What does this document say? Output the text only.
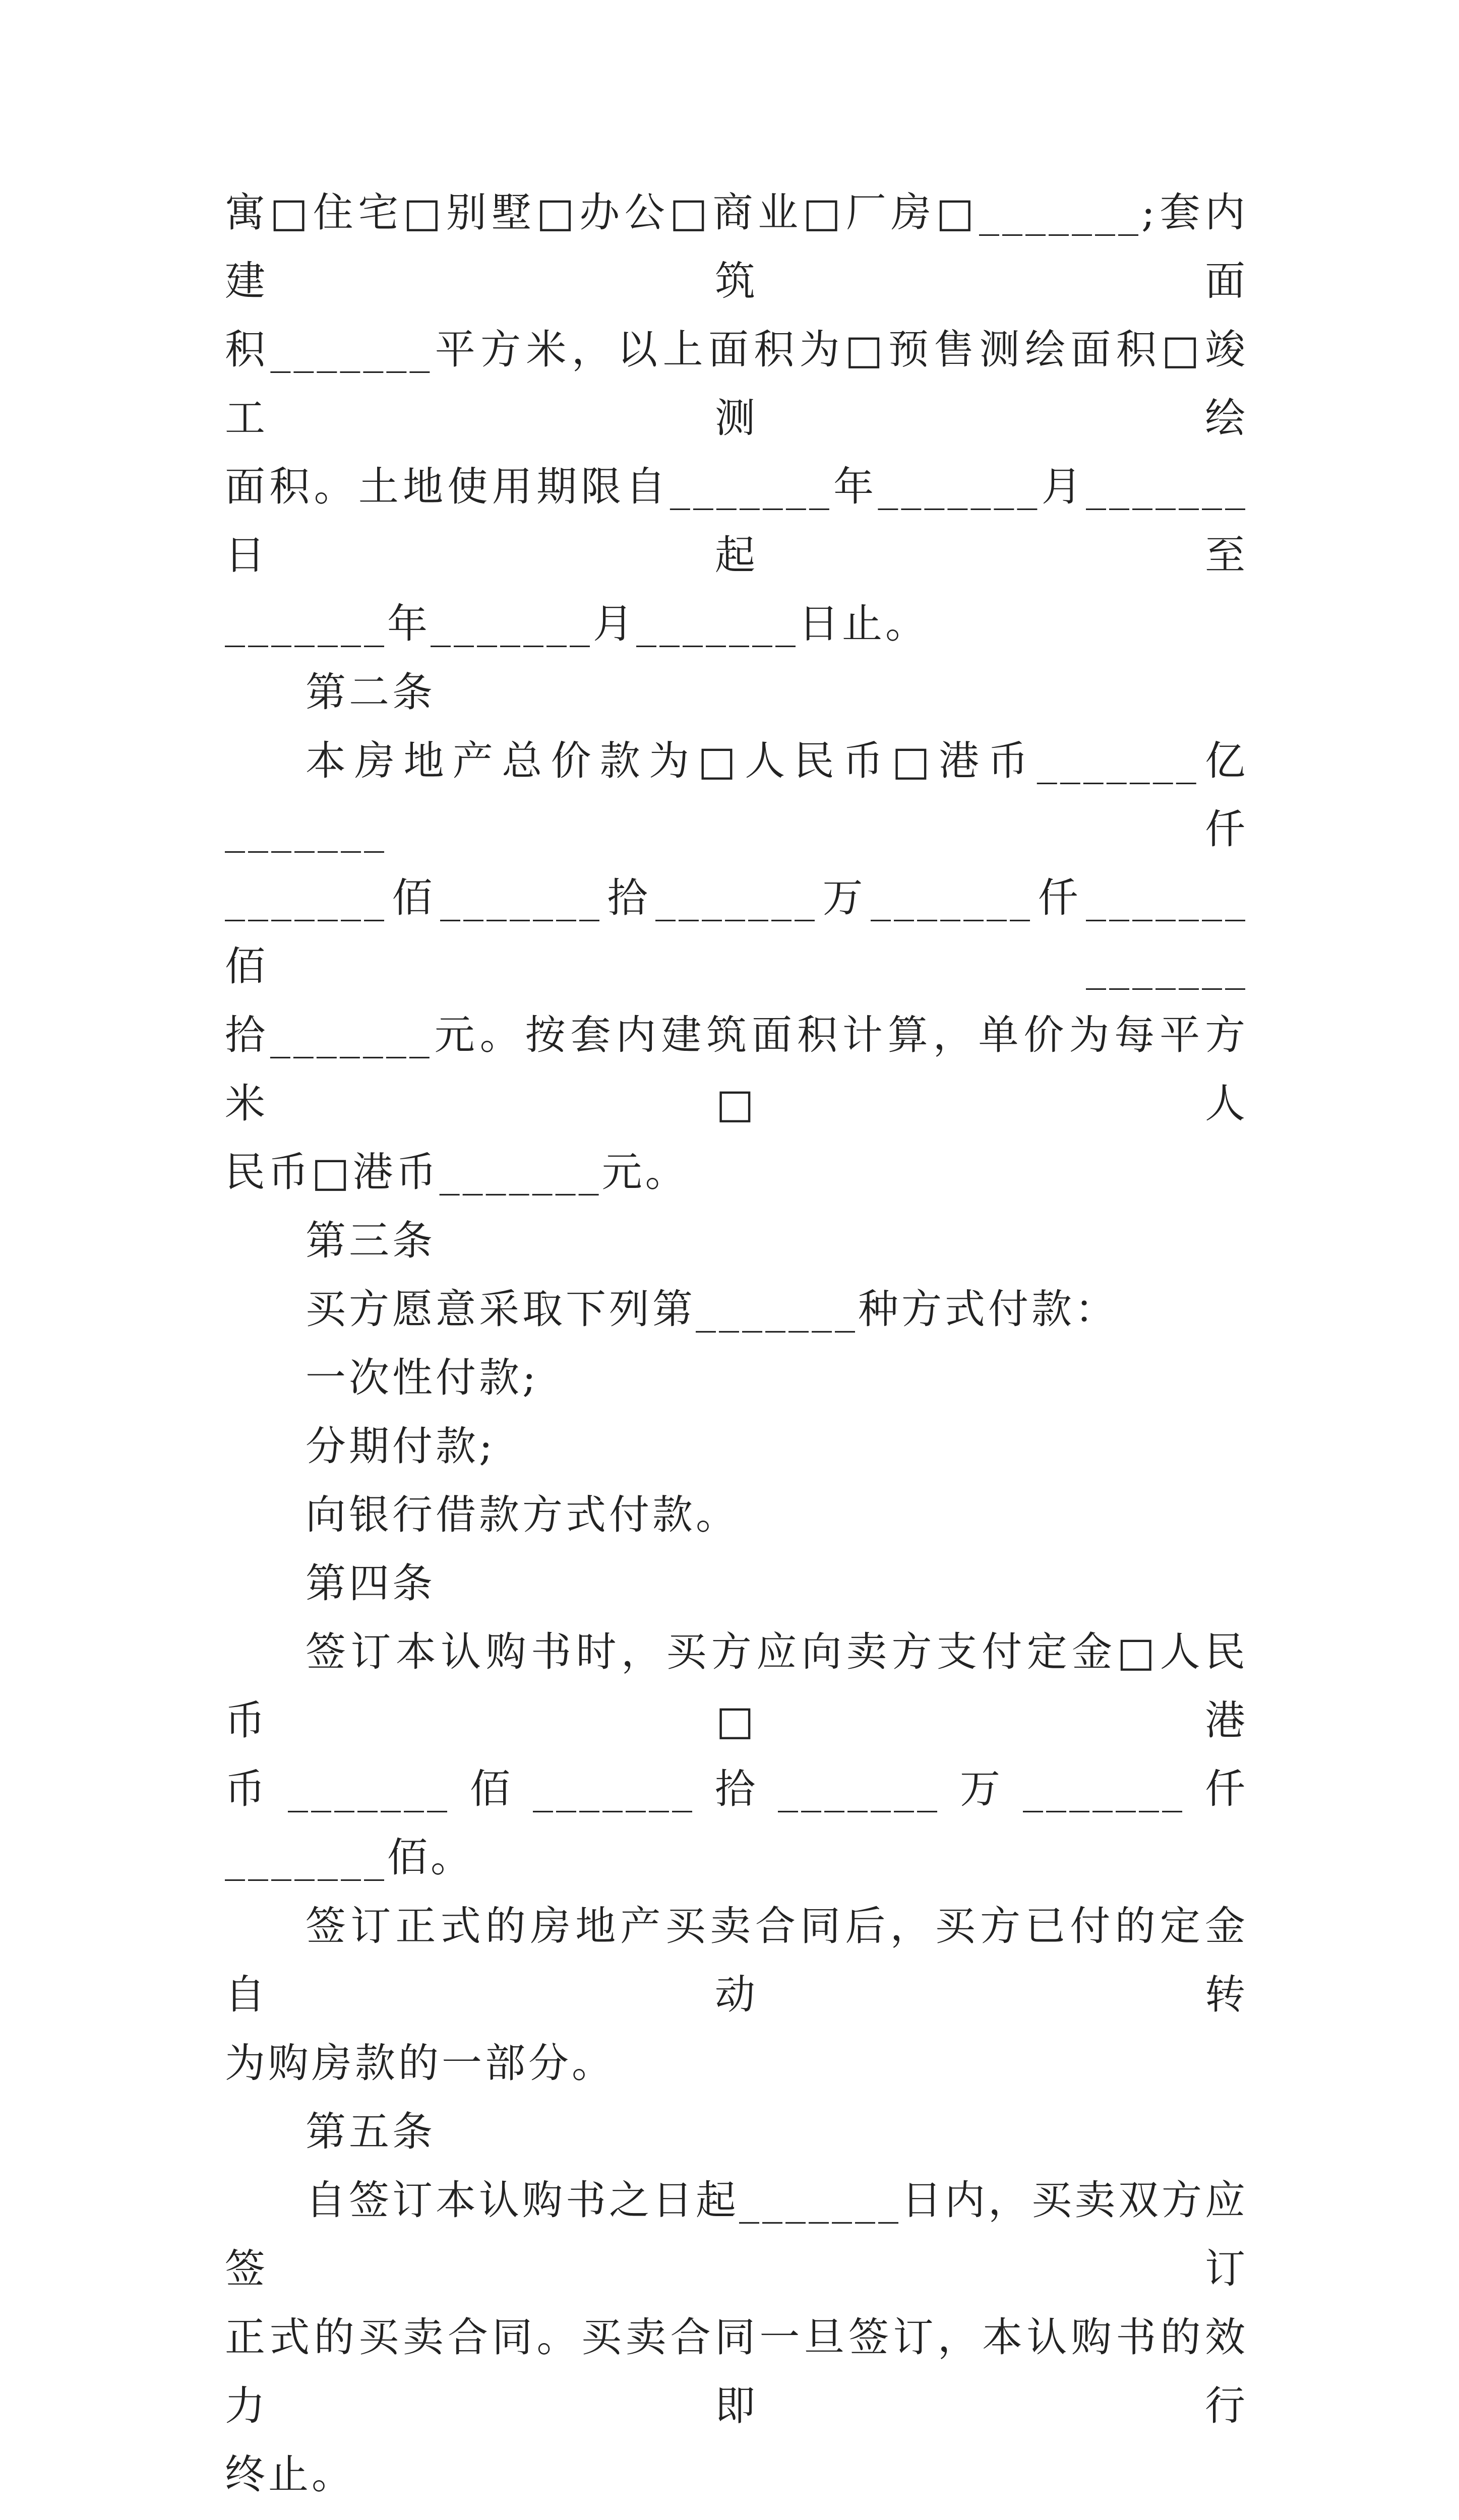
寓□住宅□别墅□办公□商业□厂房□_______;套内建筑面

积_______平方米，以上面积为□预售测绘面积□竣工测绘

面积。土地使用期限自_______年_______月_______日起至

_______年_______月_______日止。

第二条

本房地产总价款为□人民币□港币_______亿_______仟

_______佰_______拾_______万_______仟_______佰_______

拾_______元。按套内建筑面积计算，单价为每平方米□人

民币□港币_______元。

第三条

买方愿意采取下列第_______种方式付款：

一次性付款;

分期付款;

向银行借款方式付款。

第四条

签订本认购书时，买方应向卖方支付定金□人民币□港

币_______佰_______拾_______万_______仟_______佰。

签订正式的房地产买卖合同后，买方已付的定金自动转

为购房款的一部分。

第五条

自签订本认购书之日起_______日内，买卖双方应签订

正式的买卖合同。买卖合同一旦签订，本认购书的效力即行

终止。
